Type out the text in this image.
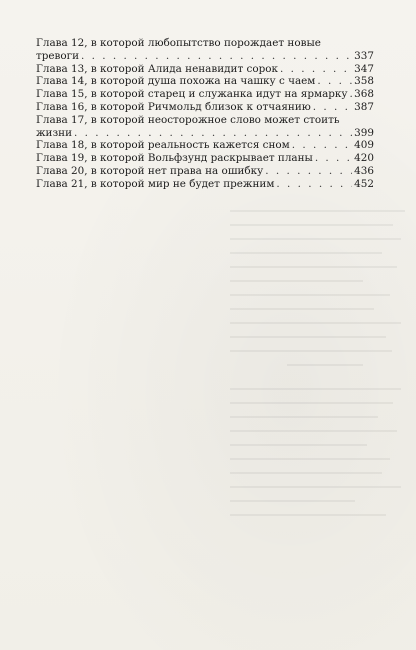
Глава 12, в которой любопытство порождает новые
тревоги . . .	337
Глава 13, в которой Алида ненавидит сорок . . .	347
Глава 14, в которой душа похожа на чашку с чаем . . .	358
Глава 15, в которой старец и служанка идут на ярмарку . . . 368
Глава 16, в которой Ричмольд близок к отчаянию . . .	387
Глава 17, в которой неосторожное слово может стоить
жизни . . .	399
Глава 18, в которой реальность кажется сном . . .	409
Глава 19, в которой Вольфзунд раскрывает планы . . .	420
Глава 20, в которой нет права на ошибку . . .	436
Глава 21, в которой мир не будет прежним . . .	452
